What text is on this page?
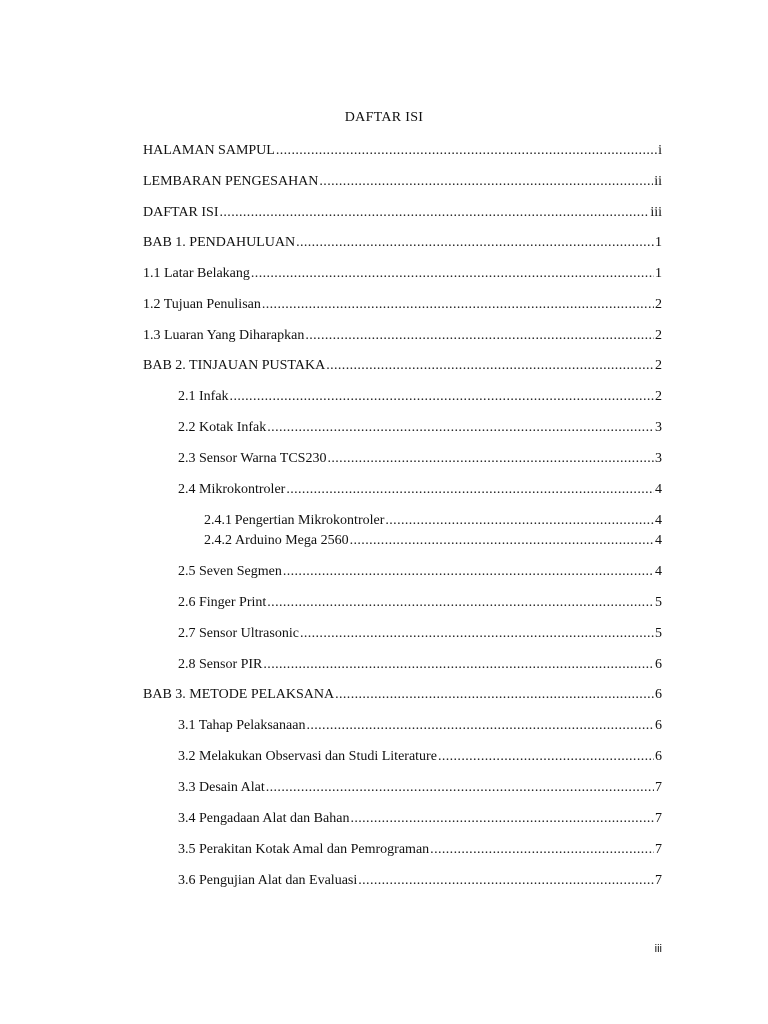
DAFTAR ISI
HALAMAN SAMPUL .....	i
LEMBARAN PENGESAHAN .....	ii
DAFTAR ISI .....	iii
BAB 1. PENDAHULUAN .....	1
1.1 Latar Belakang .....	1
1.2 Tujuan Penulisan .....	2
1.3 Luaran Yang Diharapkan .....	2
BAB 2. TINJAUAN PUSTAKA .....	2
2.1 Infak .....	2
2.2 Kotak Infak .....	3
2.3 Sensor Warna TCS230 .....	3
2.4 Mikrokontroler .....	4
2.4.1 Pengertian Mikrokontroler .....	4
2.4.2 Arduino Mega 2560 .....	4
2.5 Seven Segmen .....	4
2.6 Finger Print .....	5
2.7 Sensor Ultrasonic .....	5
2.8 Sensor PIR .....	6
BAB 3. METODE PELAKSANA .....	6
3.1 Tahap Pelaksanaan .....	6
3.2 Melakukan Observasi dan Studi Literature .....	6
3.3 Desain Alat .....	7
3.4 Pengadaan Alat dan Bahan .....	7
3.5 Perakitan Kotak Amal dan Pemrograman .....	7
3.6 Pengujian Alat dan Evaluasi .....	7
iii
